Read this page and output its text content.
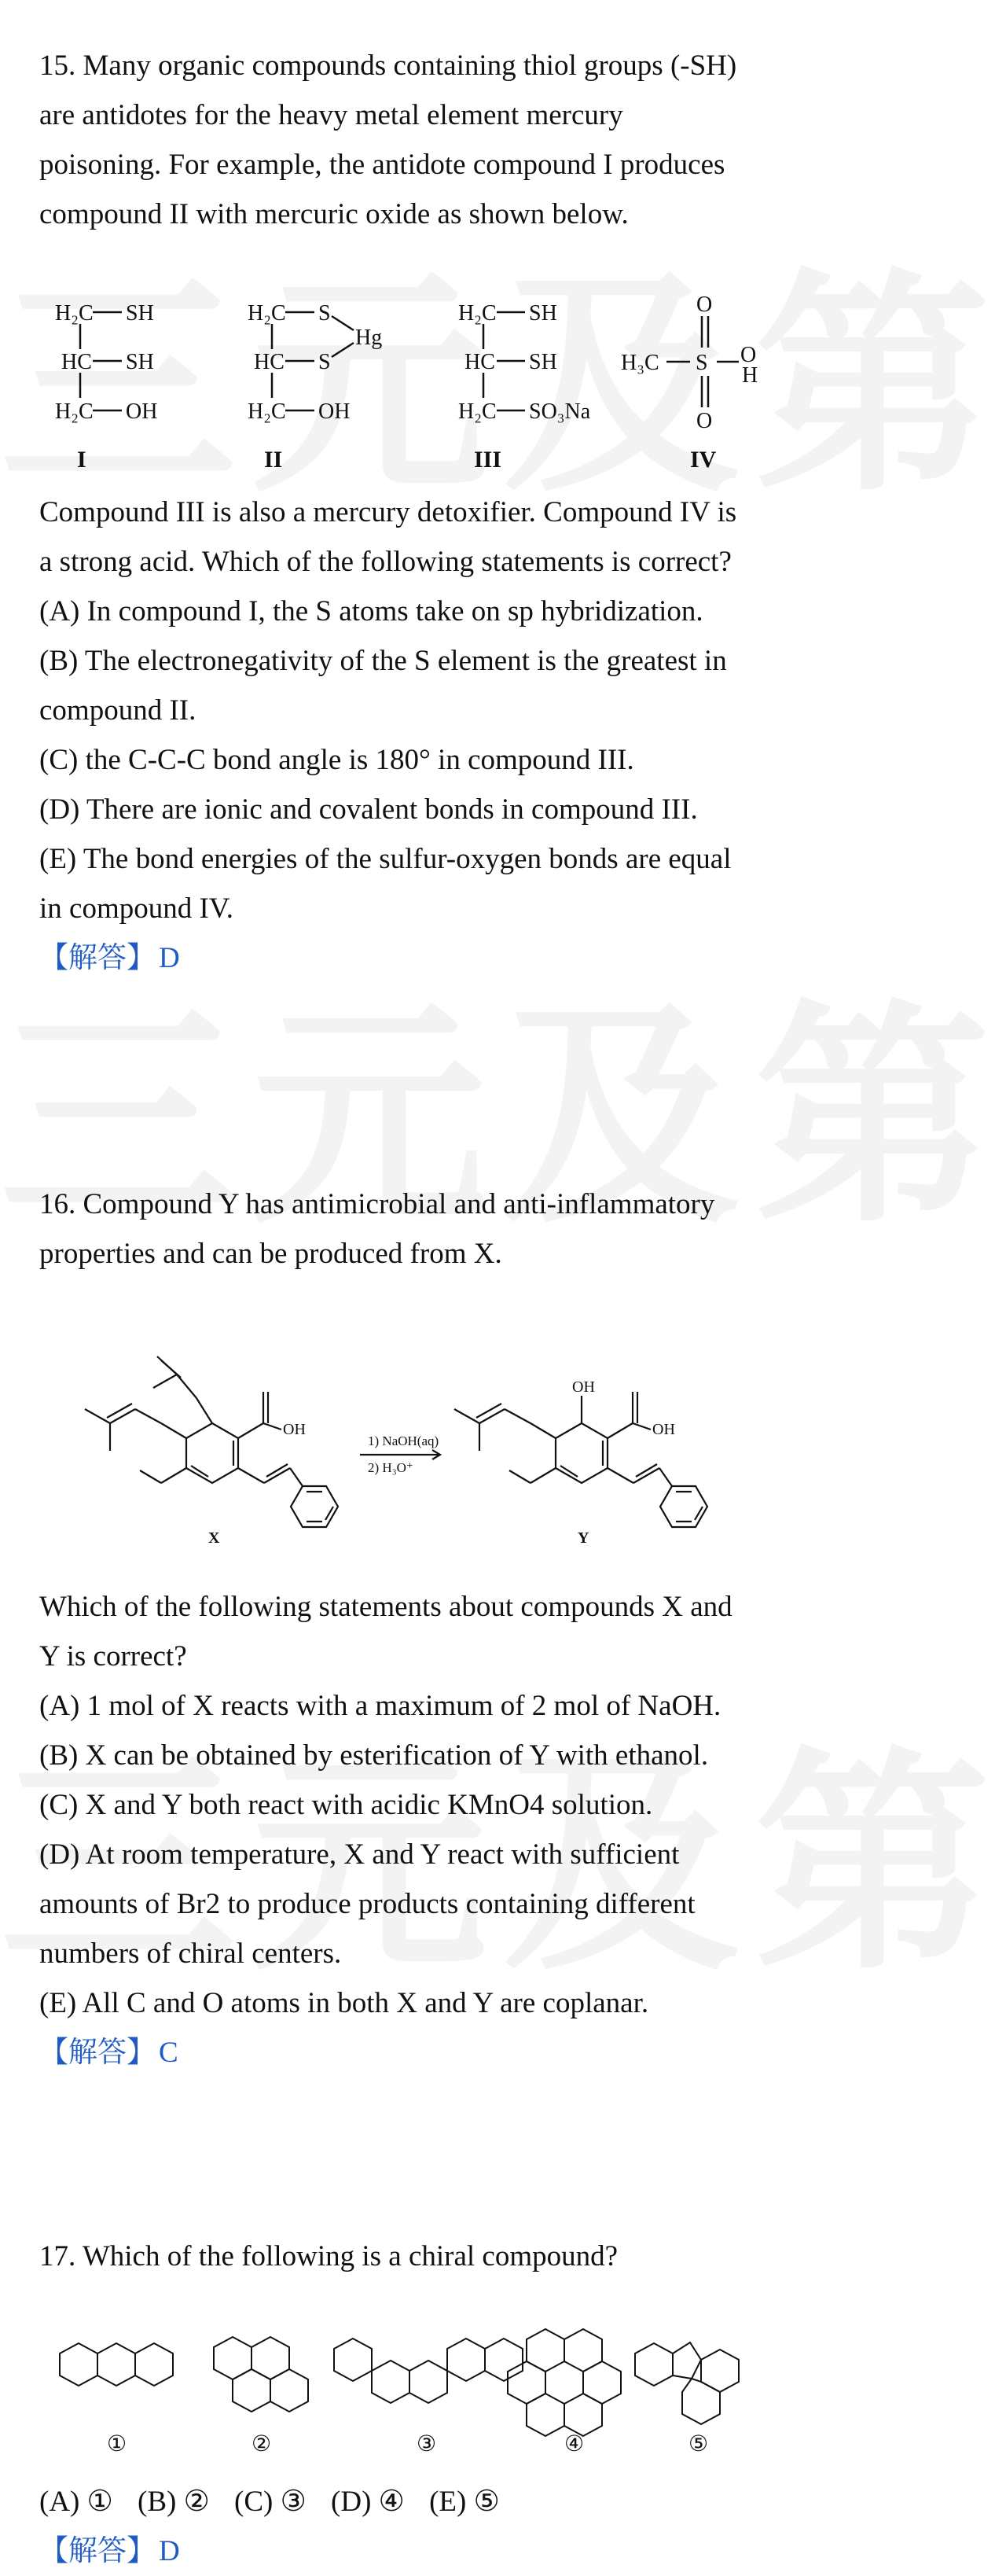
15. Many organic compounds containing thiol groups (-SH) are antidotes for the heavy metal element mercury poisoning. For example, the antidote compound I produces compound II with mercuric oxide as shown below.

H₂C SH
HC SH
H₂C OH
H₂C S
HC S
Hg
H₂C OH
H₂C SH
HC SH
H₂C SO₃Na
H₃C S
O
O
O
H
I	II	III	IV

Compound III is also a mercury detoxifier. Compound IV is a strong acid. Which of the following statements is correct?

(A) In compound I, the S atoms take on sp hybridization.

(B) The electronegativity of the S element is the greatest in compound II.

(C) the C-C-C bond angle is 180° in compound III.

(D) There are ionic and covalent bonds in compound III.

(E) The bond energies of the sulfur-oxygen bonds are equal in compound IV.

【解答】 D

16. Compound Y has antimicrobial and anti-inflammatory properties and can be produced from X.

OH
OH
OH
1) NaOH(aq)
2) H₃O⁺
X	Y

Which of the following statements about compounds X and Y is correct?

(A) 1 mol of X reacts with a maximum of 2 mol of NaOH.

(B) X can be obtained by esterification of Y with ethanol.

(C) X and Y both react with acidic KMnO4 solution.

(D) At room temperature, X and Y react with sufficient amounts of Br2 to produce products containing different numbers of chiral centers.

(E) All C and O atoms in both X and Y are coplanar.

【解答】 C

17. Which of the following is a chiral compound?

①	②	③	④	⑤

(A) ① (B) ② (C) ③ (D) ④ (E) ⑤

【解答】 D
